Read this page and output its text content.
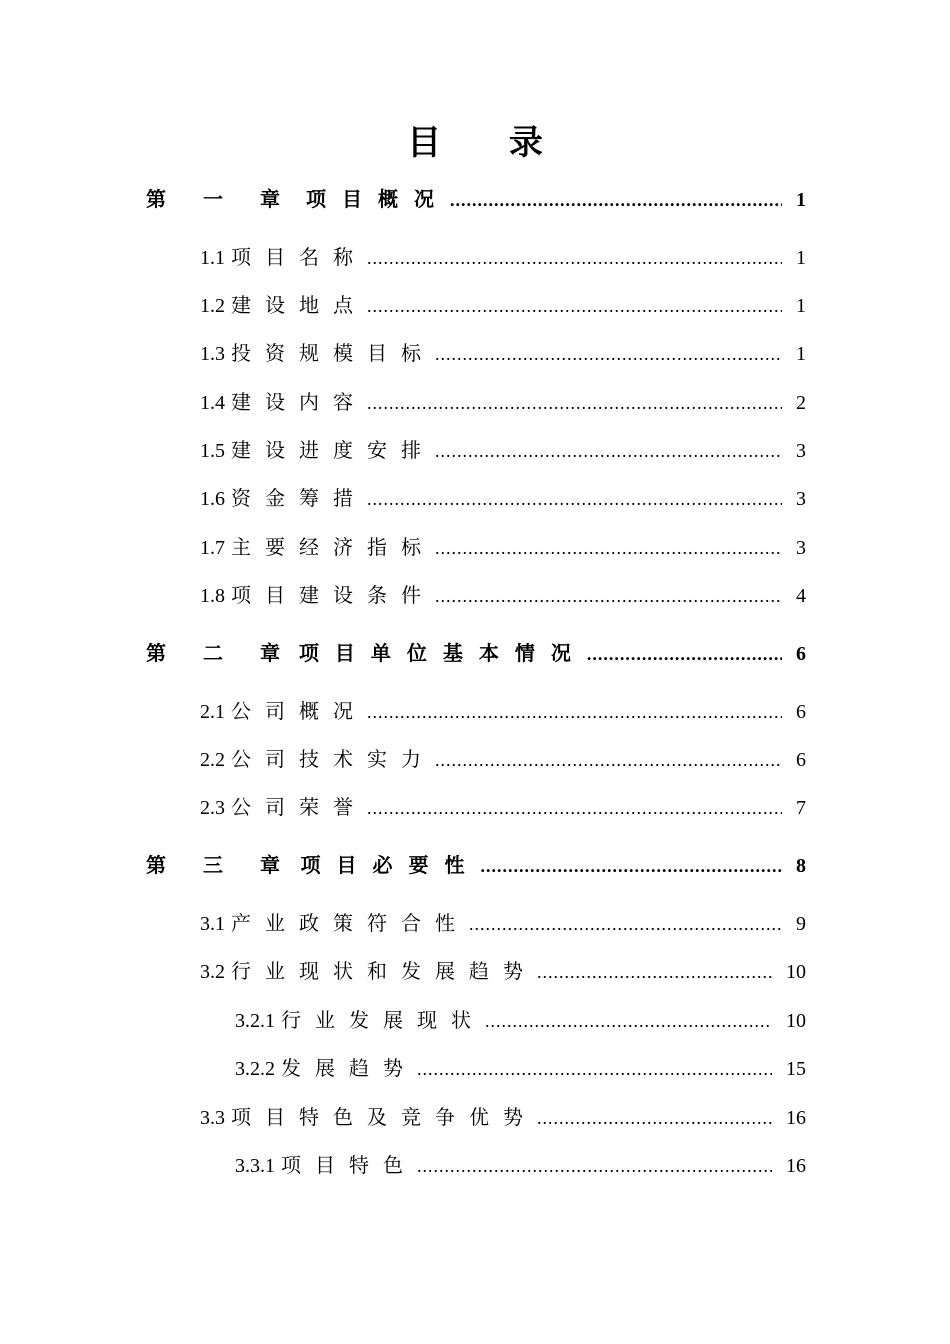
目 录
第 一 章 项目概况 .....	1
1.1 项目名称 .....	1
1.2 建设地点 .....	1
1.3 投资规模目标 .....	1
1.4 建设内容 .....	2
1.5 建设进度安排 .....	3
1.6 资金筹措 .....	3
1.7 主要经济指标 .....	3
1.8 项目建设条件 .....	4
第 二 章 项目单位基本情况 .....	6
2.1 公司概况 .....	6
2.2 公司技术实力 .....	6
2.3 公司荣誉 .....	7
第 三 章 项目必要性 .....	8
3.1 产业政策符合性 .....	9
3.2 行业现状和发展趋势 .....	10
3.2.1 行业发展现状 .....	10
3.2.2 发展趋势 .....	15
3.3 项目特色及竞争优势 .....	16
3.3.1 项目特色 .....	16
